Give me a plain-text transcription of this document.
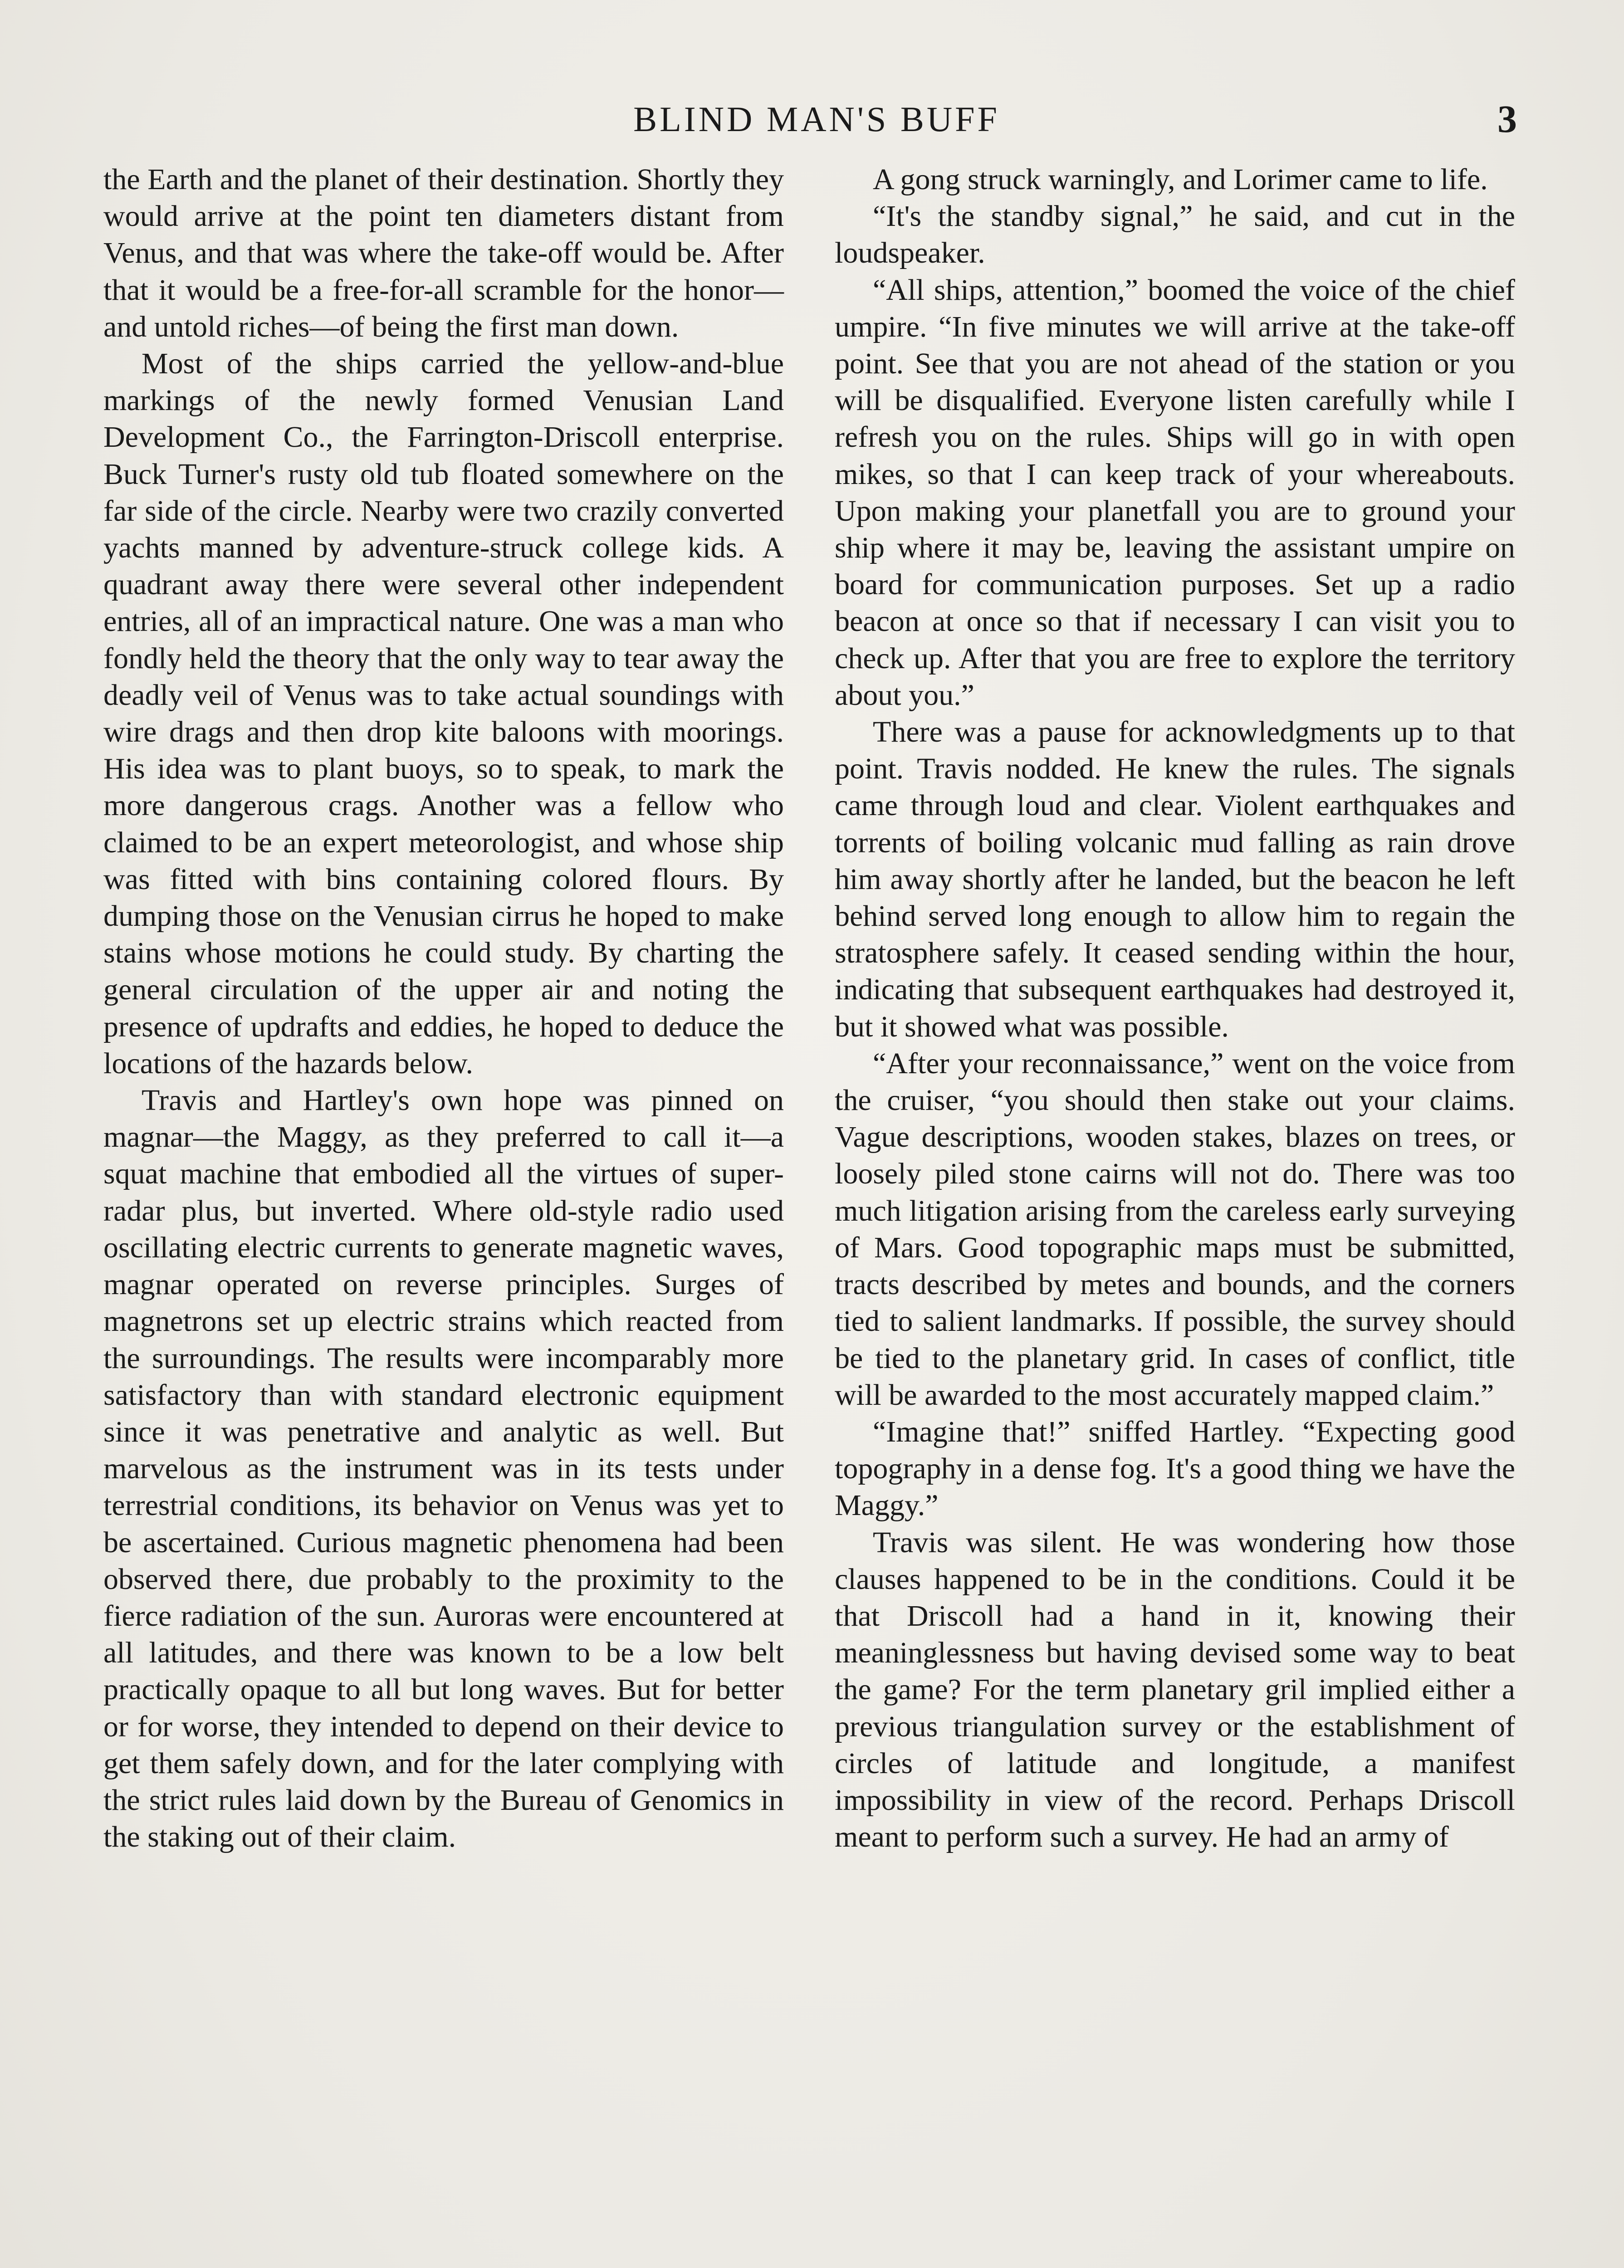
BLIND MAN'S BUFF	3

the Earth and the planet of their destination. Shortly they would arrive at the point ten diameters distant from Venus, and that was where the take-off would be. After that it would be a free-for-all scramble for the honor—and untold riches—of being the first man down.

Most of the ships carried the yellow-and-blue markings of the newly formed Venusian Land Development Co., the Farrington-Driscoll enterprise. Buck Turner's rusty old tub floated somewhere on the far side of the circle. Nearby were two crazily converted yachts manned by adventure-struck college kids. A quadrant away there were several other independent entries, all of an impractical nature. One was a man who fondly held the theory that the only way to tear away the deadly veil of Venus was to take actual soundings with wire drags and then drop kite baloons with moorings. His idea was to plant buoys, so to speak, to mark the more dangerous crags. Another was a fellow who claimed to be an expert meteorologist, and whose ship was fitted with bins containing colored flours. By dumping those on the Venusian cirrus he hoped to make stains whose motions he could study. By charting the general circulation of the upper air and noting the presence of updrafts and eddies, he hoped to deduce the locations of the hazards below.

Travis and Hartley's own hope was pinned on magnar—the Maggy, as they preferred to call it—a squat machine that embodied all the virtues of super-radar plus, but inverted. Where old-style radio used oscillating electric currents to generate magnetic waves, magnar operated on reverse principles. Surges of magnetrons set up electric strains which reacted from the surroundings. The results were incomparably more satisfactory than with standard electronic equipment since it was penetrative and analytic as well. But marvelous as the instrument was in its tests under terrestrial conditions, its behavior on Venus was yet to be ascertained. Curious magnetic phenomena had been observed there, due probably to the proximity to the fierce radiation of the sun. Auroras were encountered at all latitudes, and there was known to be a low belt practically opaque to all but long waves. But for better or for worse, they intended to depend on their device to get them safely down, and for the later complying with the strict rules laid down by the Bureau of Genomics in the staking out of their claim.

A gong struck warningly, and Lorimer came to life.

“It's the standby signal,” he said, and cut in the loudspeaker.

“All ships, attention,” boomed the voice of the chief umpire. “In five minutes we will arrive at the take-off point. See that you are not ahead of the station or you will be disqualified. Everyone listen carefully while I refresh you on the rules. Ships will go in with open mikes, so that I can keep track of your whereabouts. Upon making your planetfall you are to ground your ship where it may be, leaving the assistant umpire on board for communication purposes. Set up a radio beacon at once so that if necessary I can visit you to check up. After that you are free to explore the territory about you.”

There was a pause for acknowledgments up to that point. Travis nodded. He knew the rules. The signals came through loud and clear. Violent earthquakes and torrents of boiling volcanic mud falling as rain drove him away shortly after he landed, but the beacon he left behind served long enough to allow him to regain the stratosphere safely. It ceased sending within the hour, indicating that subsequent earthquakes had destroyed it, but it showed what was possible.

“After your reconnaissance,” went on the voice from the cruiser, “you should then stake out your claims. Vague descriptions, wooden stakes, blazes on trees, or loosely piled stone cairns will not do. There was too much litigation arising from the careless early surveying of Mars. Good topographic maps must be submitted, tracts described by metes and bounds, and the corners tied to salient landmarks. If possible, the survey should be tied to the planetary grid. In cases of conflict, title will be awarded to the most accurately mapped claim.”

“Imagine that!” sniffed Hartley. “Expecting good topography in a dense fog. It's a good thing we have the Maggy.”

Travis was silent. He was wondering how those clauses happened to be in the conditions. Could it be that Driscoll had a hand in it, knowing their meaninglessness but having devised some way to beat the game? For the term planetary gril implied either a previous triangulation survey or the establishment of circles of latitude and longitude, a manifest impossibility in view of the record. Perhaps Driscoll meant to perform such a survey. He had an army of
